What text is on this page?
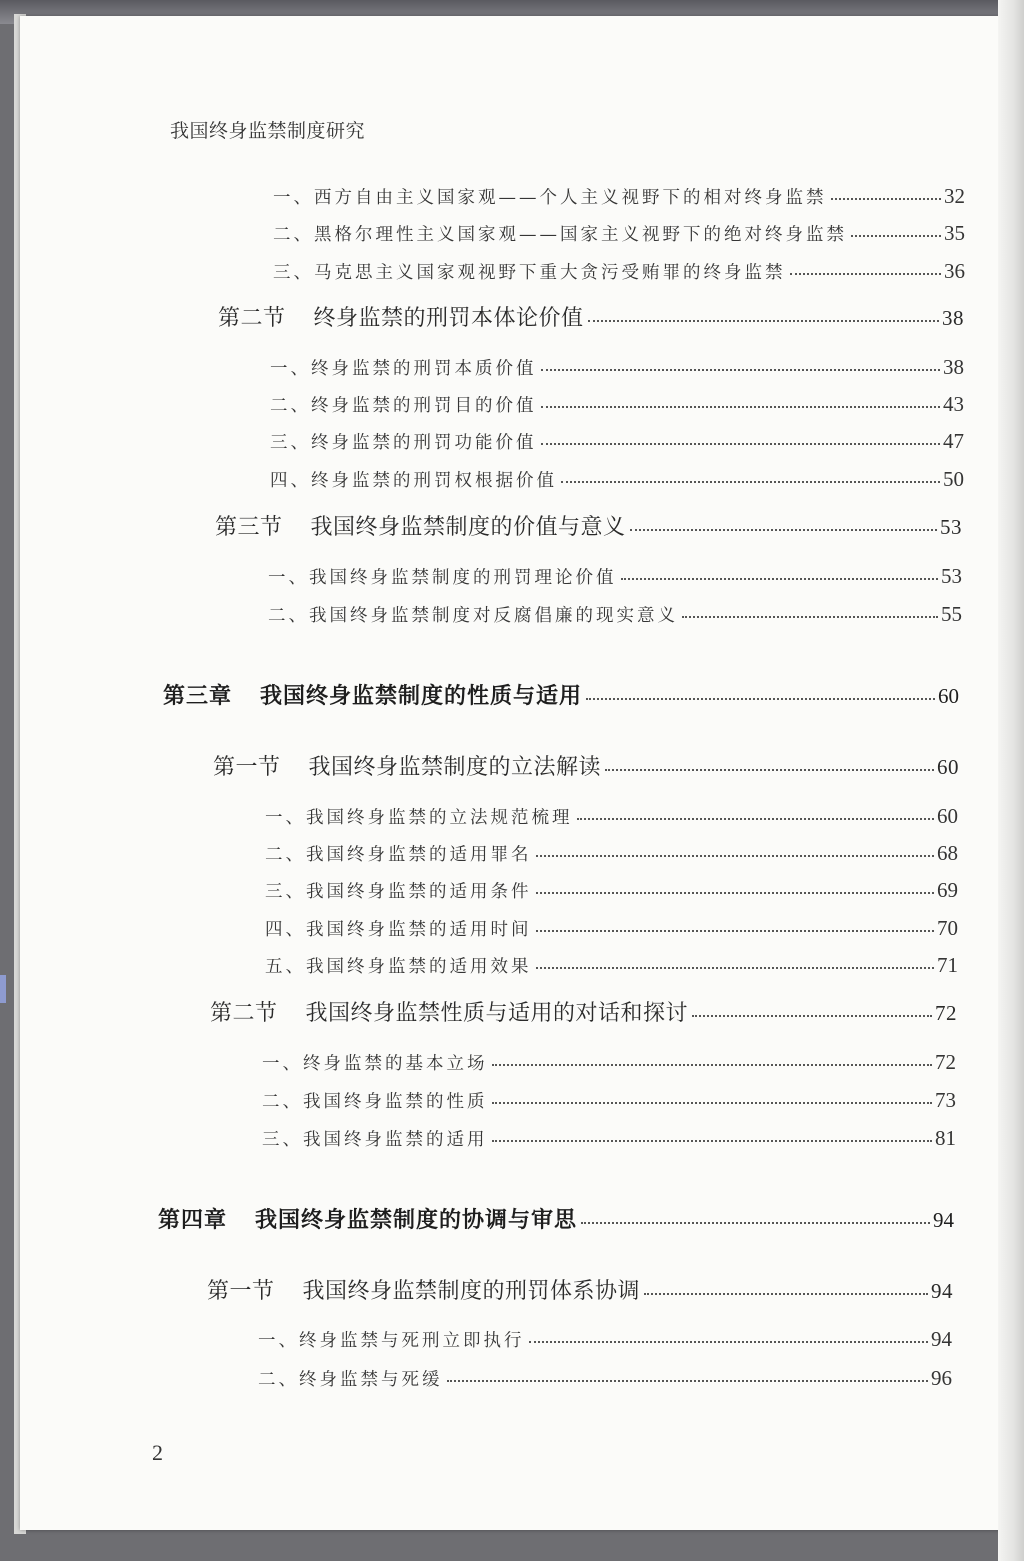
我国终身监禁制度研究
一、西方自由主义国家观——个人主义视野下的相对终身监禁	32
二、黑格尔理性主义国家观——国家主义视野下的绝对终身监禁	35
三、马克思主义国家观视野下重大贪污受贿罪的终身监禁	36
第二节 终身监禁的刑罚本体论价值	38
一、终身监禁的刑罚本质价值	38
二、终身监禁的刑罚目的价值	43
三、终身监禁的刑罚功能价值	47
四、终身监禁的刑罚权根据价值	50
第三节 我国终身监禁制度的价值与意义	53
一、我国终身监禁制度的刑罚理论价值	53
二、我国终身监禁制度对反腐倡廉的现实意义	55
第三章 我国终身监禁制度的性质与适用	60
第一节 我国终身监禁制度的立法解读	60
一、我国终身监禁的立法规范梳理	60
二、我国终身监禁的适用罪名	68
三、我国终身监禁的适用条件	69
四、我国终身监禁的适用时间	70
五、我国终身监禁的适用效果	71
第二节 我国终身监禁性质与适用的对话和探讨	72
一、终身监禁的基本立场	72
二、我国终身监禁的性质	73
三、我国终身监禁的适用	81
第四章 我国终身监禁制度的协调与审思	94
第一节 我国终身监禁制度的刑罚体系协调	94
一、终身监禁与死刑立即执行	94
二、终身监禁与死缓	96
2
